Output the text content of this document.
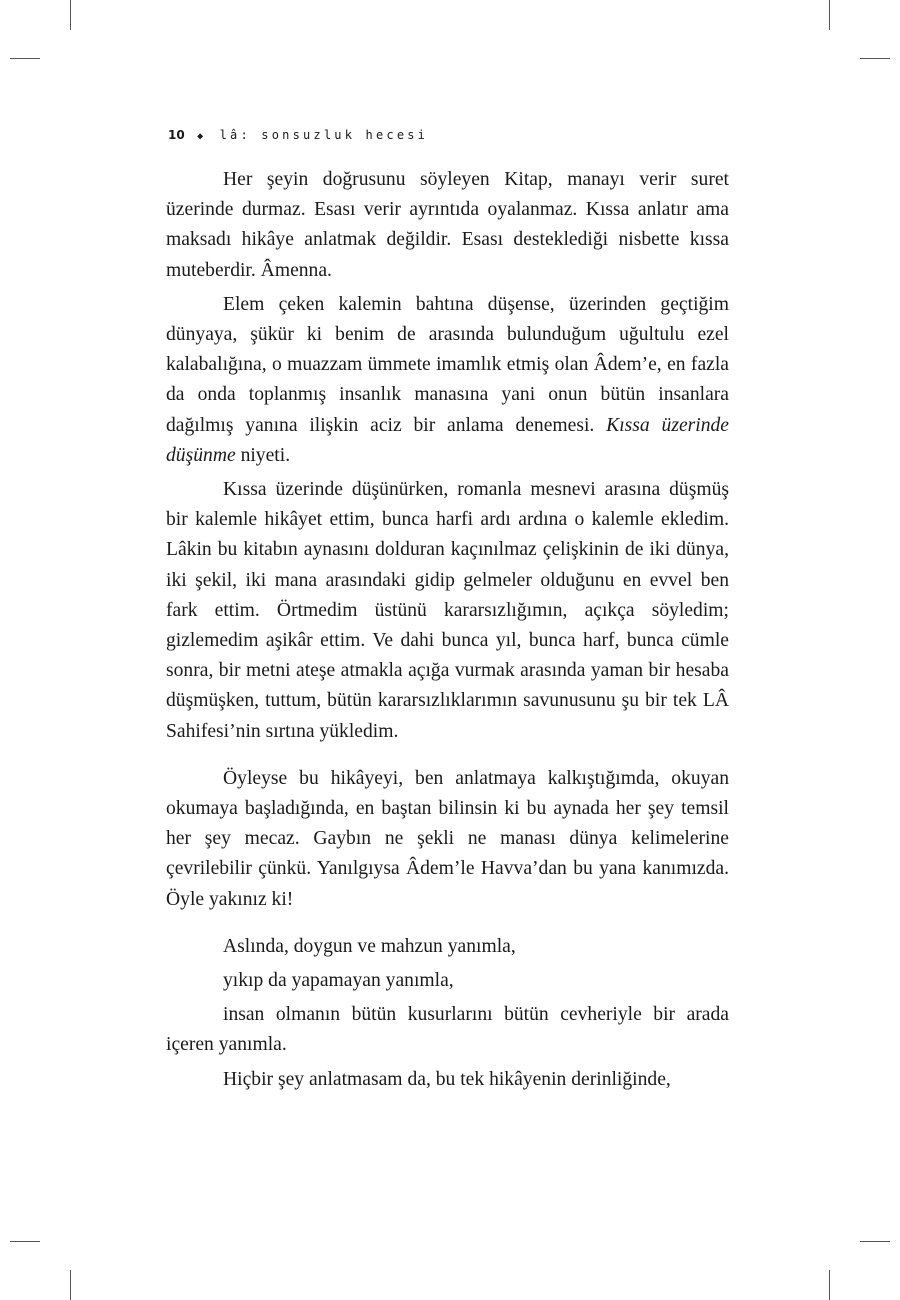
10 ◆ lâ: sonsuzluk hecesi

Her şeyin doğrusunu söyleyen Kitap, manayı verir suret üzerinde durmaz. Esası verir ayrıntıda oyalanmaz. Kıssa anlatır ama maksadı hikâye anlatmak değildir. Esası desteklediği nisbette kıssa muteberdir. Âmenna.

Elem çeken kalemin bahtına düşense, üzerinden geçtiğim dünyaya, şükür ki benim de arasında bulunduğum uğultulu ezel kalabalığına, o muazzam ümmete imamlık etmiş olan Âdem’e, en fazla da onda toplanmış insanlık manasına yani onun bütün insanlara dağılmış yanına ilişkin aciz bir anlama denemesi. Kıssa üzerinde düşünme niyeti.

Kıssa üzerinde düşünürken, romanla mesnevi arasına düşmüş bir kalemle hikâyet ettim, bunca harfi ardı ardına o kalemle ekledim. Lâkin bu kitabın aynasını dolduran kaçınılmaz çelişkinin de iki dünya, iki şekil, iki mana arasındaki gidip gelmeler olduğunu en evvel ben fark ettim. Örtmedim üstünü kararsızlığımın, açıkça söyledim; gizlemedim aşikâr ettim. Ve dahi bunca yıl, bunca harf, bunca cümle sonra, bir metni ateşe atmakla açığa vurmak arasında yaman bir hesaba düşmüşken, tuttum, bütün kararsızlıklarımın savunusunu şu bir tek LÂ Sahifesi’nin sırtına yükledim.

Öyleyse bu hikâyeyi, ben anlatmaya kalkıştığımda, okuyan okumaya başladığında, en baştan bilinsin ki bu aynada her şey temsil her şey mecaz. Gaybın ne şekli ne manası dünya kelimelerine çevrilebilir çünkü. Yanılgıysa Âdem’le Havva’dan bu yana kanımızda. Öyle yakınız ki!

Aslında, doygun ve mahzun yanımla,

yıkıp da yapamayan yanımla,

insan olmanın bütün kusurlarını bütün cevheriyle bir arada içeren yanımla.

Hiçbir şey anlatmasam da, bu tek hikâyenin derinliğinde,
